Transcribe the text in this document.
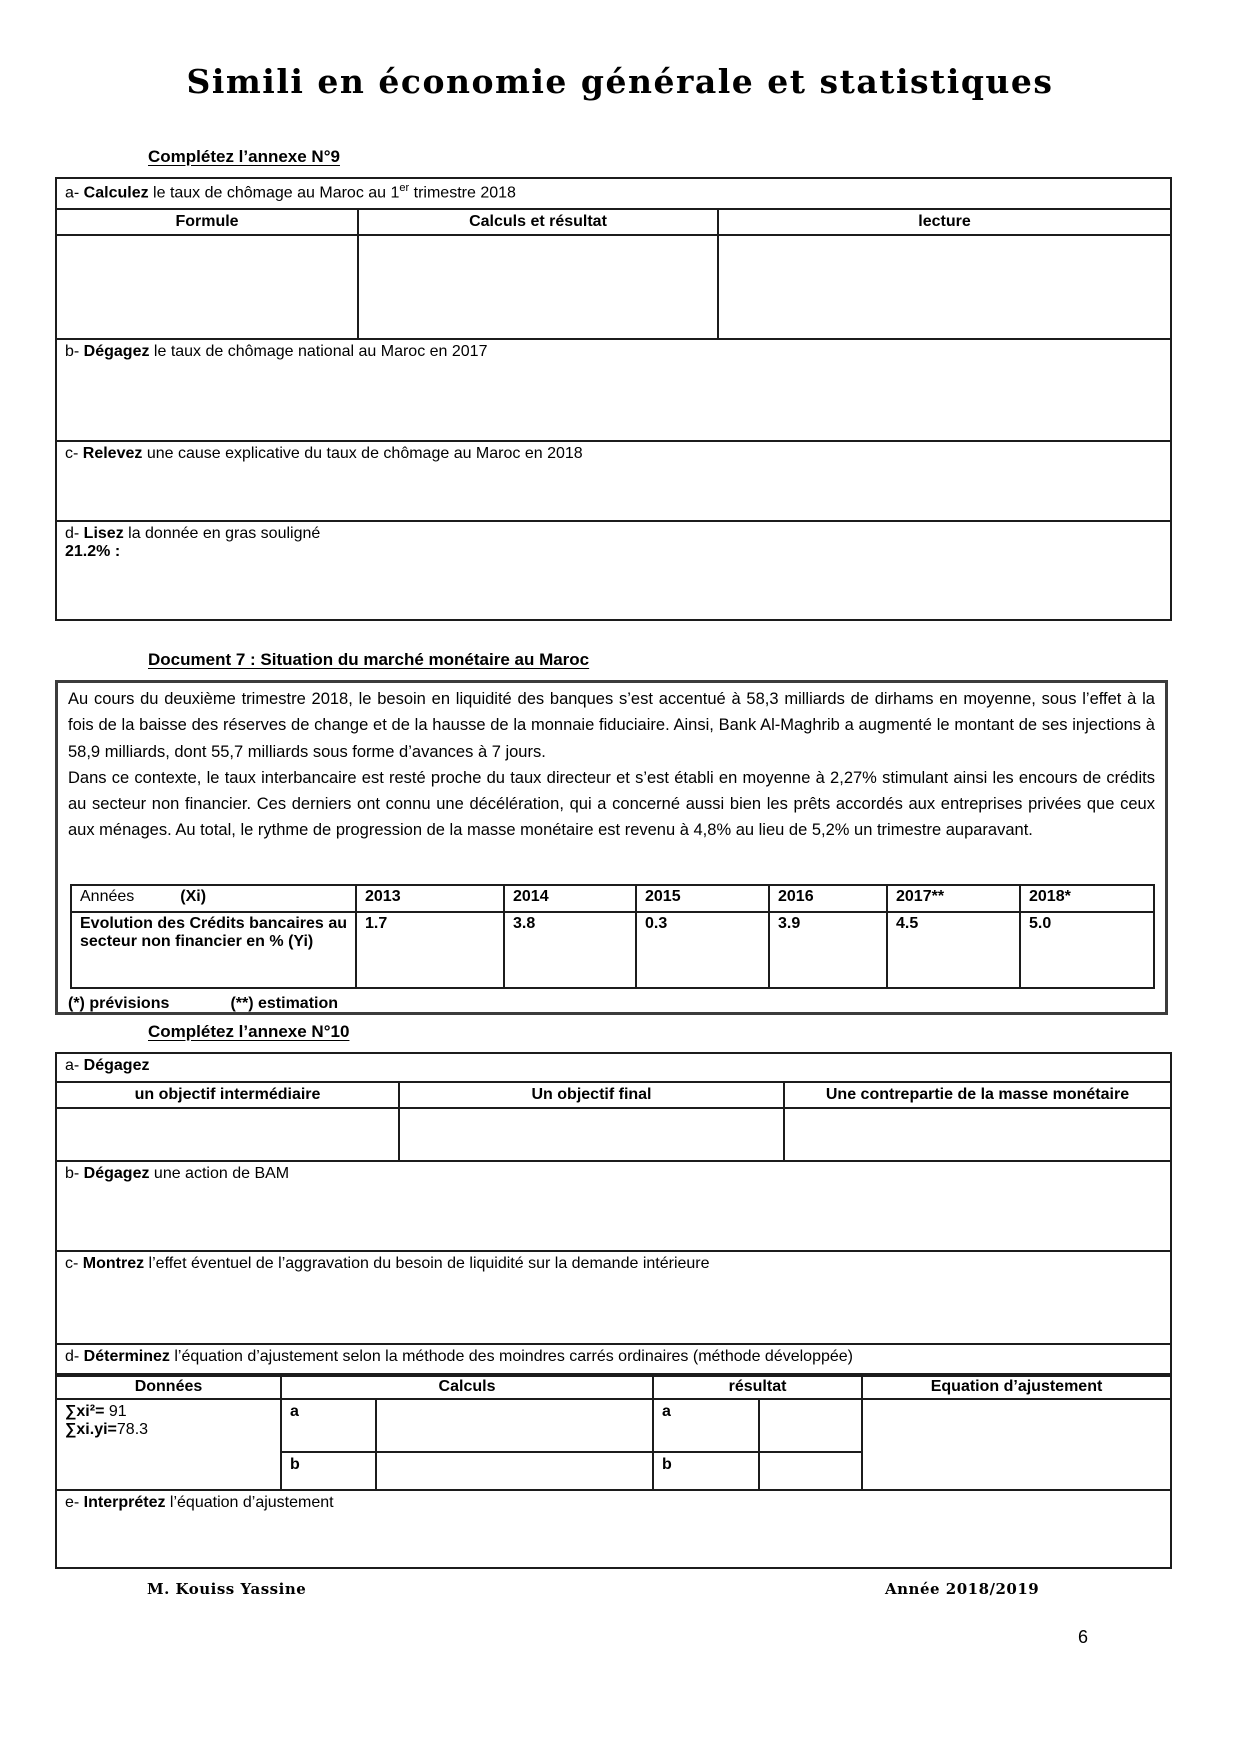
Simili en économie générale et statistiques
Complétez l’annexe N°9
a- Calculez le taux de chômage au Maroc au 1er trimestre 2018		
Formule	Calculs et résultat	lecture

b- Dégagez le taux de chômage national au Maroc en 2017		
c- Relevez une cause explicative du taux de chômage au Maroc en 2018		
d- Lisez la donnée en gras souligné
21.2% :		
Document 7 : Situation du marché monétaire au Maroc

Au cours du deuxième trimestre 2018, le besoin en liquidité des banques s’est accentué à 58,3 milliards de dirhams en moyenne, sous l’effet à la fois de la baisse des réserves de change et de la hausse de la monnaie fiduciaire. Ainsi, Bank Al-Maghrib a augmenté le montant de ses injections à 58,9 milliards, dont 55,7 milliards sous forme d’avances à 7 jours.

Dans ce contexte, le taux interbancaire est resté proche du taux directeur et s’est établi en moyenne à 2,27% stimulant ainsi les encours de crédits au secteur non financier. Ces derniers ont connu une décélération, qui a concerné aussi bien les prêts accordés aux entreprises privées que ceux aux ménages. Au total, le rythme de progression de la masse monétaire est revenu à 4,8% au lieu de 5,2% un trimestre auparavant.

Années (Xi)	2013	2014	2015	2016	2017**	2018*
Evolution des Crédits bancaires au secteur non financier en % (Yi)	1.7	3.8	0.3	3.9	4.5	5.0
(*) prévisions	(**) estimation
Complétez l’annexe N°10
a- Dégagez		
un objectif intermédiaire	Un objectif final	Une contrepartie de la masse monétaire

b- Dégagez une action de BAM		
c- Montrez l’effet éventuel de l’aggravation du besoin de liquidité sur la demande intérieure		
d- Déterminez l’équation d’ajustement selon la méthode des moindres carrés ordinaires (méthode développée)		
Données	Calculs		résultat		Equation d’ajustement

∑xi²= 91
∑xi.yi=78.3	a		a		
	b		b		
e- Interprétez l’équation d’ajustement
M. Kouiss Yassine	Année 2018/2019
6
